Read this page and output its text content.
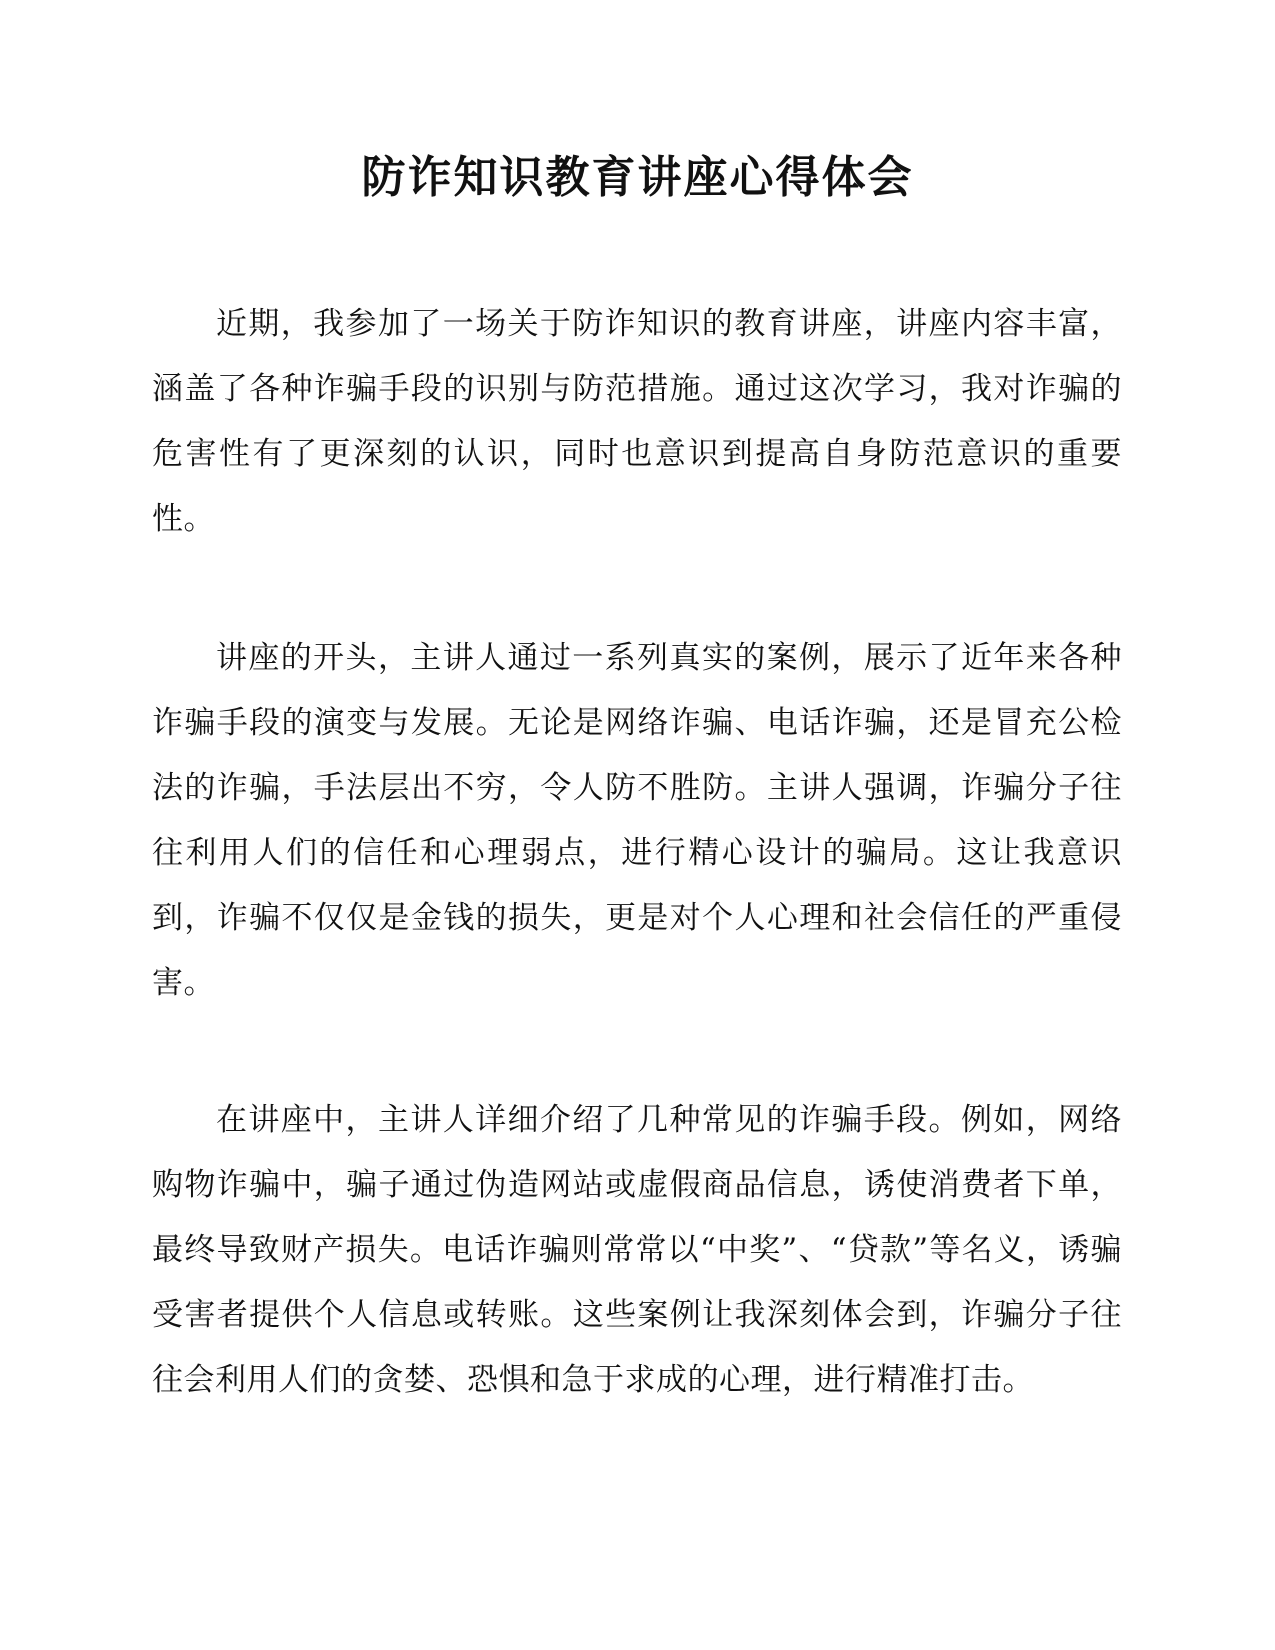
防诈知识教育讲座心得体会

近期，我参加了一场关于防诈知识的教育讲座，讲座内容丰富，涵盖了各种诈骗手段的识别与防范措施。通过这次学习，我对诈骗的危害性有了更深刻的认识，同时也意识到提高自身防范意识的重要性。

讲座的开头，主讲人通过一系列真实的案例，展示了近年来各种诈骗手段的演变与发展。无论是网络诈骗、电话诈骗，还是冒充公检法的诈骗，手法层出不穷，令人防不胜防。主讲人强调，诈骗分子往往利用人们的信任和心理弱点，进行精心设计的骗局。这让我意识到，诈骗不仅仅是金钱的损失，更是对个人心理和社会信任的严重侵害。

在讲座中，主讲人详细介绍了几种常见的诈骗手段。例如，网络购物诈骗中，骗子通过伪造网站或虚假商品信息，诱使消费者下单，最终导致财产损失。电话诈骗则常常以“中奖”、“贷款”等名义，诱骗受害者提供个人信息或转账。这些案例让我深刻体会到，诈骗分子往往会利用人们的贪婪、恐惧和急于求成的心理，进行精准打击。
